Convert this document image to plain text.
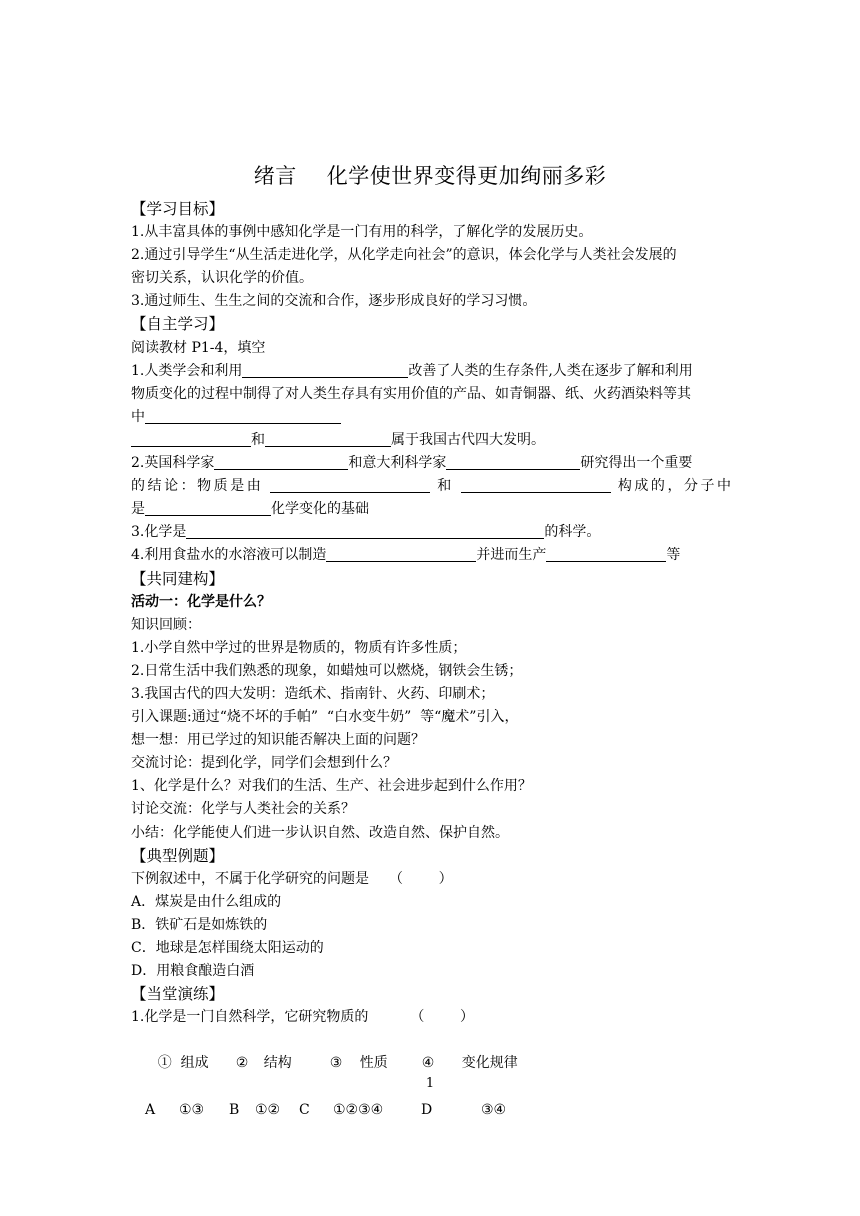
绪言 化学使世界变得更加绚丽多彩
【学习目标】
1.从丰富具体的事例中感知化学是一门有用的科学，了解化学的发展历史。
2.通过引导学生“从生活走进化学，从化学走向社会”的意识，体会化学与人类社会发展的
密切关系，认识化学的价值。
3.通过师生、生生之间的交流和合作，逐步形成良好的学习习惯。
【自主学习】
阅读教材 P1-4，填空
1.人类学会和利用	改善了人类的生存条件,人类在逐步了解和利用
物质变化的过程中制得了对人类生存具有实用价值的产品、如青铜器、纸、火药酒染料等其
中
和	属于我国古代四大发明。
2.英国科学家	和意大利科学家	研究得出一个重要
的结论：物质是由	和	构成的，分子中
是	化学变化的基础
3.化学是	的科学。
4.利用食盐水的水溶液可以制造	并进而生产	等
【共同建构】
活动一：化学是什么？
知识回顾：
1.小学自然中学过的世界是物质的，物质有许多性质；
2.日常生活中我们熟悉的现象，如蜡烛可以燃烧，钢铁会生锈；
3.我国古代的四大发明：造纸术、指南针、火药、印刷术；
引入课题:通过“烧不坏的手帕”  “白水变牛奶”  等“魔术”引入，
想一想：用已学过的知识能否解决上面的问题？
交流讨论：提到化学，同学们会想到什么？
1、化学是什么？对我们的生活、生产、社会进步起到什么作用？
讨论交流：化学与人类社会的关系？
小结：化学能使人们进一步认识自然、改造自然、保护自然。
【典型例题】
下例叙述中，不属于化学研究的问题是 （        ）
A．煤炭是由什么组成的
B．铁矿石是如炼铁的
C．地球是怎样围绕太阳运动的
D．用粮食酿造白酒
【当堂演练】
1.化学是一门自然科学，它研究物质的	（        ）

①  组成 ② 结构	③ 性质 ④ 变化规律

A ①③ B ①② C ①②③④	D	③④
1
